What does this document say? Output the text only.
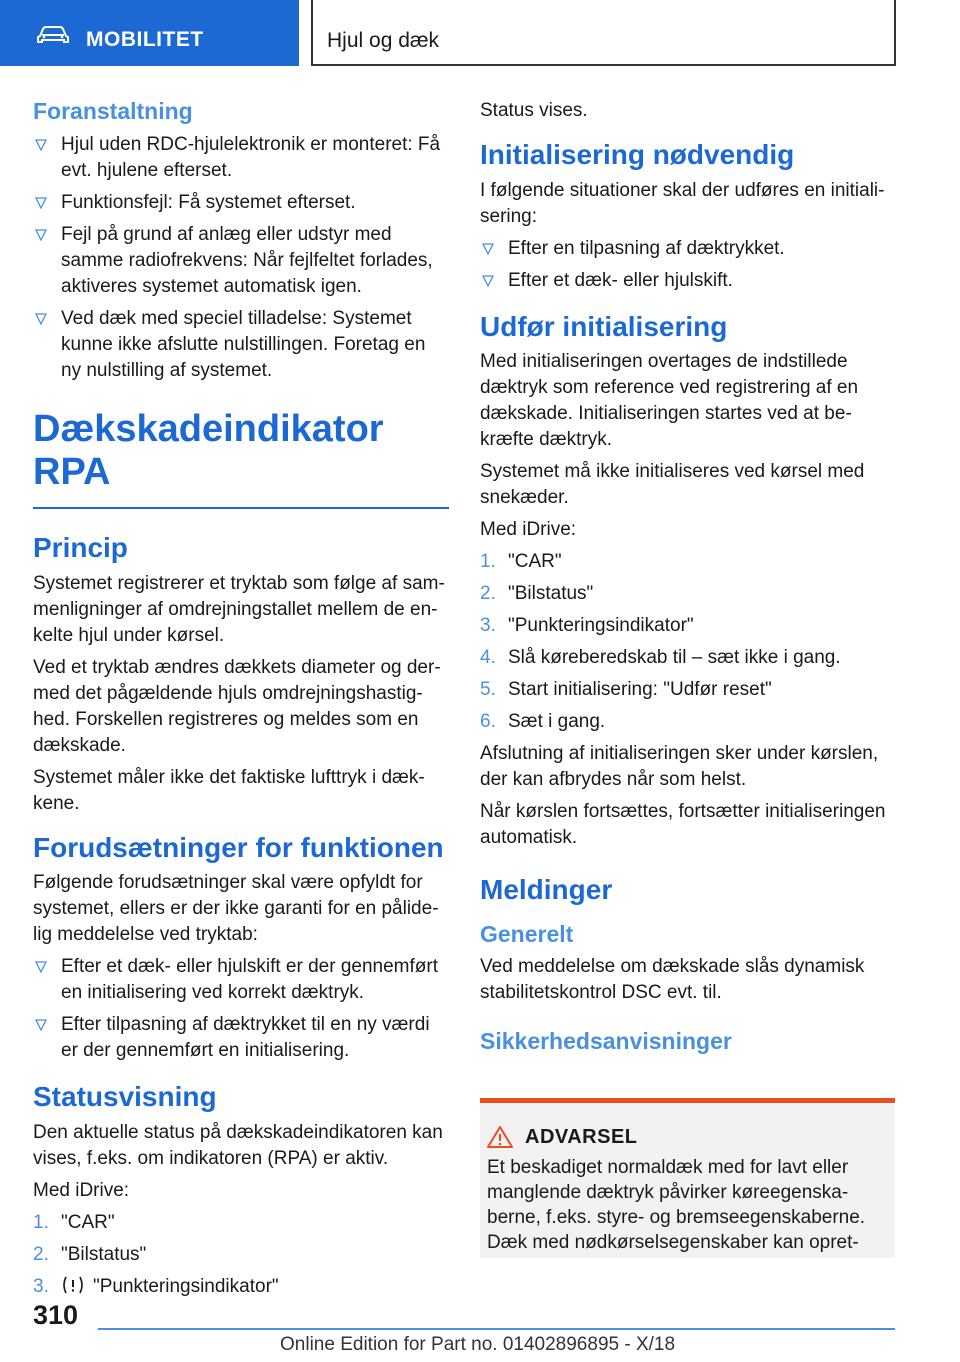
MOBILITET	Hjul og dæk
Foranstaltning
Hjul uden RDC-hjulelektronik er monteret: Få evt. hjulene efterset.
Funktionsfejl: Få systemet efterset.
Fejl på grund af anlæg eller udstyr med samme radiofrekvens: Når fejlfeltet forlades, aktiveres systemet automatisk igen.
Ved dæk med speciel tilladelse: Systemet kunne ikke afslutte nulstillingen. Foretag en ny nulstilling af systemet.
Dækskadeindikator RPA
Princip

Systemet registrerer et tryktab som følge af sammenligninger af omdrejningstallet mellem de enkelte hjul under kørsel.

Ved et tryktab ændres dækkets diameter og dermed det pågældende hjuls omdrejningshastighed. Forskellen registreres og meldes som en dækskade.

Systemet måler ikke det faktiske lufttryk i dækkene.

Forudsætninger for funktionen

Følgende forudsætninger skal være opfyldt for systemet, ellers er der ikke garanti for en pålidelig meddelelse ved tryktab:

Efter et dæk- eller hjulskift er der gennemført en initialisering ved korrekt dæktryk.
Efter tilpasning af dæktrykket til en ny værdi er der gennemført en initialisering.
Statusvisning

Den aktuelle status på dækskadeindikatoren kan vises, f.eks. om indikatoren (RPA) er aktiv.

Med iDrive:

1. "CAR"
2. "Bilstatus"
3. "Punkteringsindikator"

Status vises.

Initialisering nødvendig

I følgende situationer skal der udføres en initialisering:

Efter en tilpasning af dæktrykket.
Efter et dæk- eller hjulskift.
Udfør initialisering

Med initialiseringen overtages de indstillede dæktryk som reference ved registrering af en dækskade. Initialiseringen startes ved at bekræfte dæktryk.

Systemet må ikke initialiseres ved kørsel med snekæder.

Med iDrive:

1. "CAR"
2. "Bilstatus"
3. "Punkteringsindikator"
4. Slå køreberedskab til – sæt ikke i gang.
5. Start initialisering: "Udfør reset"
6. Sæt i gang.

Afslutning af initialiseringen sker under kørslen, der kan afbrydes når som helst.

Når kørslen fortsættes, fortsætter initialiseringen automatisk.

Meldinger
Generelt

Ved meddelelse om dækskade slås dynamisk stabilitetskontrol DSC evt. til.

Sikkerhedsanvisninger
ADVARSEL

Et beskadiget normaldæk med for lavt eller manglende dæktryk påvirker køreegenskaberne, f.eks. styre- og bremseegenskaberne. Dæk med nødkørselsegenskaber kan opret-

310
Online Edition for Part no. 01402896895 - X/18
